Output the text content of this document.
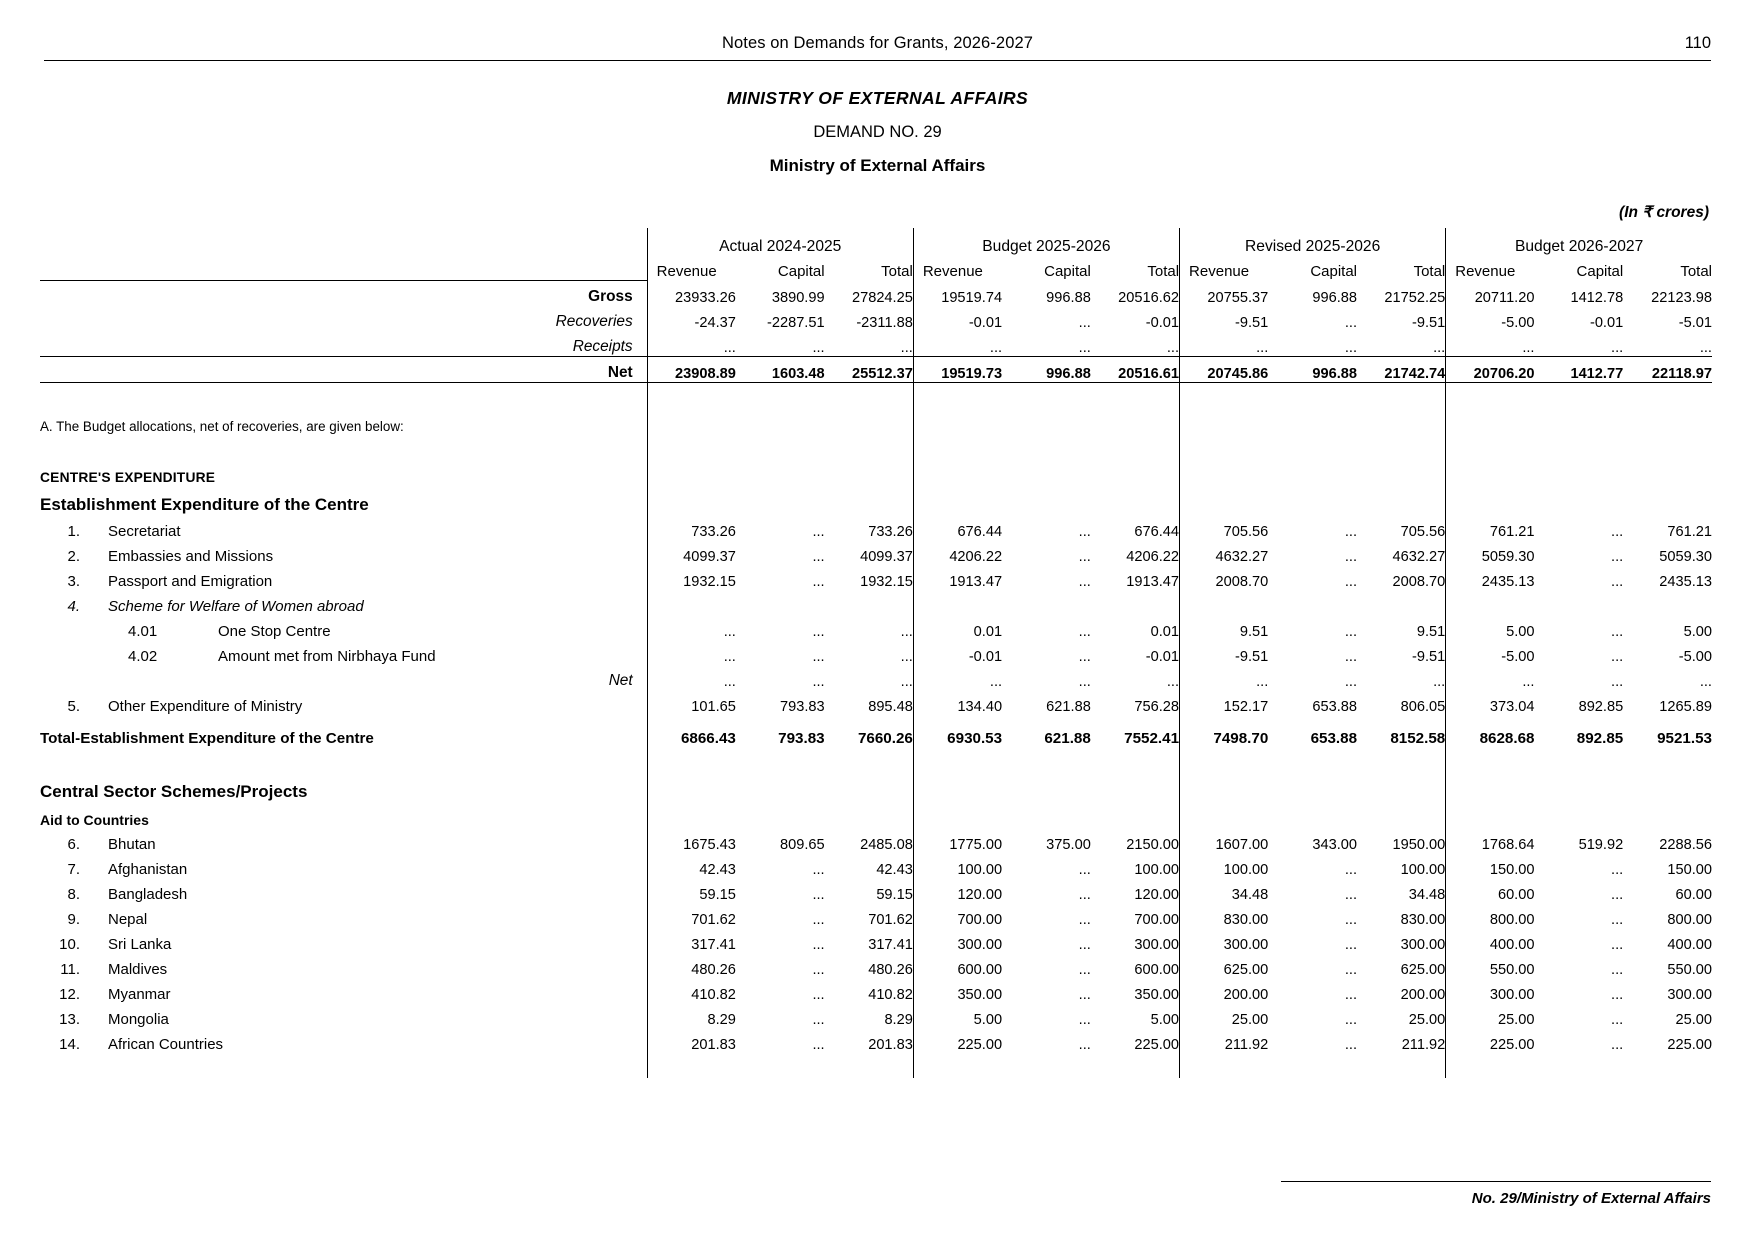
Notes on Demands for Grants, 2026-2027	110
MINISTRY OF EXTERNAL AFFAIRS
DEMAND NO. 29
Ministry of External Affairs
(In ₹ crores)
	Actual 2024-2025			Budget 2025-2026			Revised 2025-2026			Budget 2026-2027		
	Revenue	Capital	Total	Revenue	Capital	Total	Revenue	Capital	Total	Revenue	Capital	Total
Gross	23933.26	3890.99	27824.25	19519.74	996.88	20516.62	20755.37	996.88	21752.25	20711.20	1412.78	22123.98
Recoveries	-24.37	-2287.51	-2311.88	-0.01	...	-0.01	-9.51	...	-9.51	-5.00	-0.01	-5.01
Receipts	...	...	...	...	...	...	...	...	...	...	...	...
Net	23908.89	1603.48	25512.37	19519.73	996.88	20516.61	20745.86	996.88	21742.74	20706.20	1412.77	22118.97

A. The Budget allocations, net of recoveries, are given below:												

CENTRE'S EXPENDITURE												
Establishment Expenditure of the Centre												
1. Secretariat	733.26	...	733.26	676.44	...	676.44	705.56	...	705.56	761.21	...	761.21
2. Embassies and Missions	4099.37	...	4099.37	4206.22	...	4206.22	4632.27	...	4632.27	5059.30	...	5059.30
3. Passport and Emigration	1932.15	...	1932.15	1913.47	...	1913.47	2008.70	...	2008.70	2435.13	...	2435.13
4. Scheme for Welfare of Women abroad												
4.01 One Stop Centre	...	...	...	0.01	...	0.01	9.51	...	9.51	5.00	...	5.00
4.02 Amount met from Nirbhaya Fund	...	...	...	-0.01	...	-0.01	-9.51	...	-9.51	-5.00	...	-5.00
Net	...	...	...	...	...	...	...	...	...	...	...	...
5. Other Expenditure of Ministry	101.65	793.83	895.48	134.40	621.88	756.28	152.17	653.88	806.05	373.04	892.85	1265.89
Total-Establishment Expenditure of the Centre	6866.43	793.83	7660.26	6930.53	621.88	7552.41	7498.70	653.88	8152.58	8628.68	892.85	9521.53

Central Sector Schemes/Projects												
Aid to Countries												
6. Bhutan	1675.43	809.65	2485.08	1775.00	375.00	2150.00	1607.00	343.00	1950.00	1768.64	519.92	2288.56
7. Afghanistan	42.43	...	42.43	100.00	...	100.00	100.00	...	100.00	150.00	...	150.00
8. Bangladesh	59.15	...	59.15	120.00	...	120.00	34.48	...	34.48	60.00	...	60.00
9. Nepal	701.62	...	701.62	700.00	...	700.00	830.00	...	830.00	800.00	...	800.00
10. Sri Lanka	317.41	...	317.41	300.00	...	300.00	300.00	...	300.00	400.00	...	400.00
11. Maldives	480.26	...	480.26	600.00	...	600.00	625.00	...	625.00	550.00	...	550.00
12. Myanmar	410.82	...	410.82	350.00	...	350.00	200.00	...	200.00	300.00	...	300.00
13. Mongolia	8.29	...	8.29	5.00	...	5.00	25.00	...	25.00	25.00	...	25.00
14. African Countries	201.83	...	201.83	225.00	...	225.00	211.92	...	211.92	225.00	...	225.00

No. 29/Ministry of External Affairs
